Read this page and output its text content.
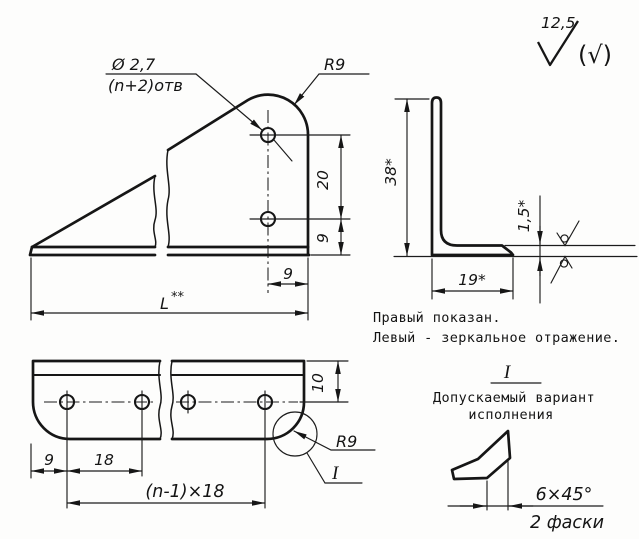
20
9
9
L **
Ø 2,7
(n+2)отв
R9
38*
19*
1,5*
12,5
(√)
Правый показан.
Левый - зеркальное отражение.
9	18
(n-1)×18
10
R9
I
I
Допускаемый вариант
исполнения
6×45°
2 фаски
